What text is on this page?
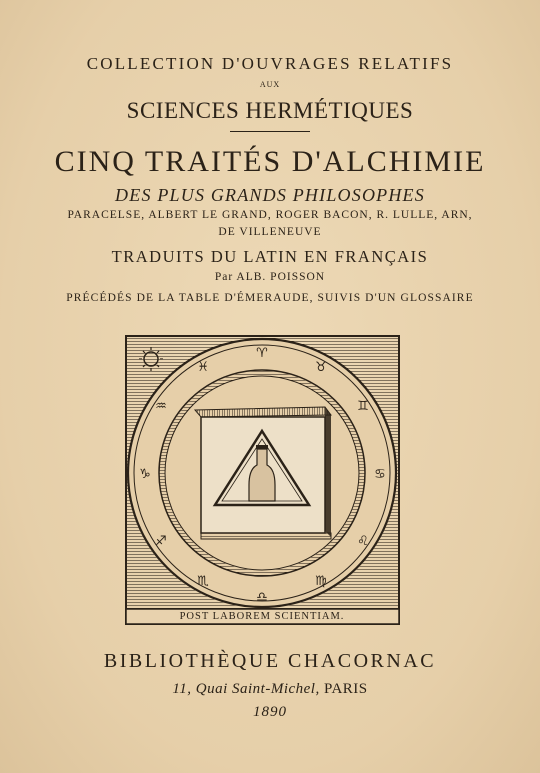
COLLECTION D'OUVRAGES RELATIFS
AUX
SCIENCES HERMÉTIQUES
CINQ TRAITÉS D'ALCHIMIE
DES PLUS GRANDS PHILOSOPHES
PARACELSE, ALBERT LE GRAND, ROGER BACON, R. LULLE, ARN,
DE VILLENEUVE
TRADUITS DU LATIN EN FRANÇAIS
Par ALB. POISSON
PRÉCÉDÉS DE LA TABLE D'ÉMERAUDE, SUIVIS D'UN GLOSSAIRE
♈
♉
♊
♋
♌
♍
♎
♏
♐
♑
♒
♓
POST LABOREM SCIENTIAM.
BIBLIOTHÈQUE CHACORNAC
11, Quai Saint-Michel, PARIS
1890
